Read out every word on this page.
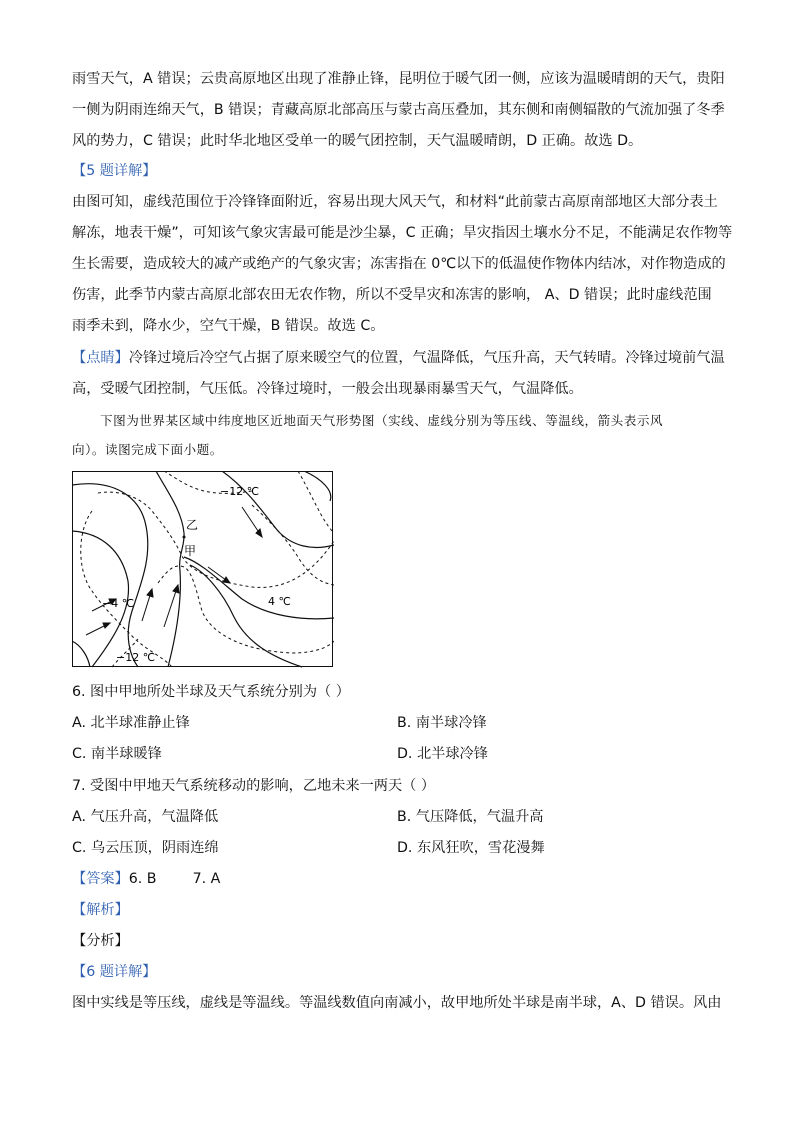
雨雪天气，A 错误；云贵高原地区出现了准静止锋，昆明位于暖气团一侧，应该为温暖晴朗的天气，贵阳
一侧为阴雨连绵天气，B 错误；青藏高原北部高压与蒙古高压叠加，其东侧和南侧辐散的气流加强了冬季
风的势力，C 错误；此时华北地区受单一的暖气团控制，天气温暖晴朗，D 正确。故选 D。
【5 题详解】
由图可知，虚线范围位于冷锋锋面附近，容易出现大风天气，和材料“此前蒙古高原南部地区大部分表土
解冻，地表干燥”，可知该气象灾害最可能是沙尘暴，C 正确；旱灾指因土壤水分不足，不能满足农作物等
生长需要，造成较大的减产或绝产的气象灾害；冻害指在 0℃以下的低温使作物体内结冰，对作物造成的
伤害，此季节内蒙古高原北部农田无农作物，所以不受旱灾和冻害的影响， A、D 错误；此时虚线范围
雨季未到，降水少，空气干燥，B 错误。故选 C。
【点睛】冷锋过境后冷空气占据了原来暖空气的位置，气温降低，气压升高，天气转晴。冷锋过境前气温
高，受暖气团控制，气压低。冷锋过境时，一般会出现暴雨暴雪天气，气温降低。
下图为世界某区域中纬度地区近地面天气形势图（实线、虚线分别为等压线、等温线，箭头表示风
向）。读图完成下面小题。
−12 ℃
乙
甲
−4 ℃	4 ℃
−12 ℃
6. 图中甲地所处半球及天气系统分别为（ ）
A. 北半球准静止锋	B. 南半球冷锋
C. 南半球暖锋	D. 北半球冷锋
7. 受图中甲地天气系统移动的影响，乙地未来一两天（ ）
A. 气压升高，气温降低	B. 气压降低，气温升高
C. 乌云压顶，阴雨连绵	D. 东风狂吹，雪花漫舞
【答案】6. B        7. A
【解析】
【分析】
【6 题详解】
图中实线是等压线，虚线是等温线。等温线数值向南减小，故甲地所处半球是南半球，A、D 错误。风由
